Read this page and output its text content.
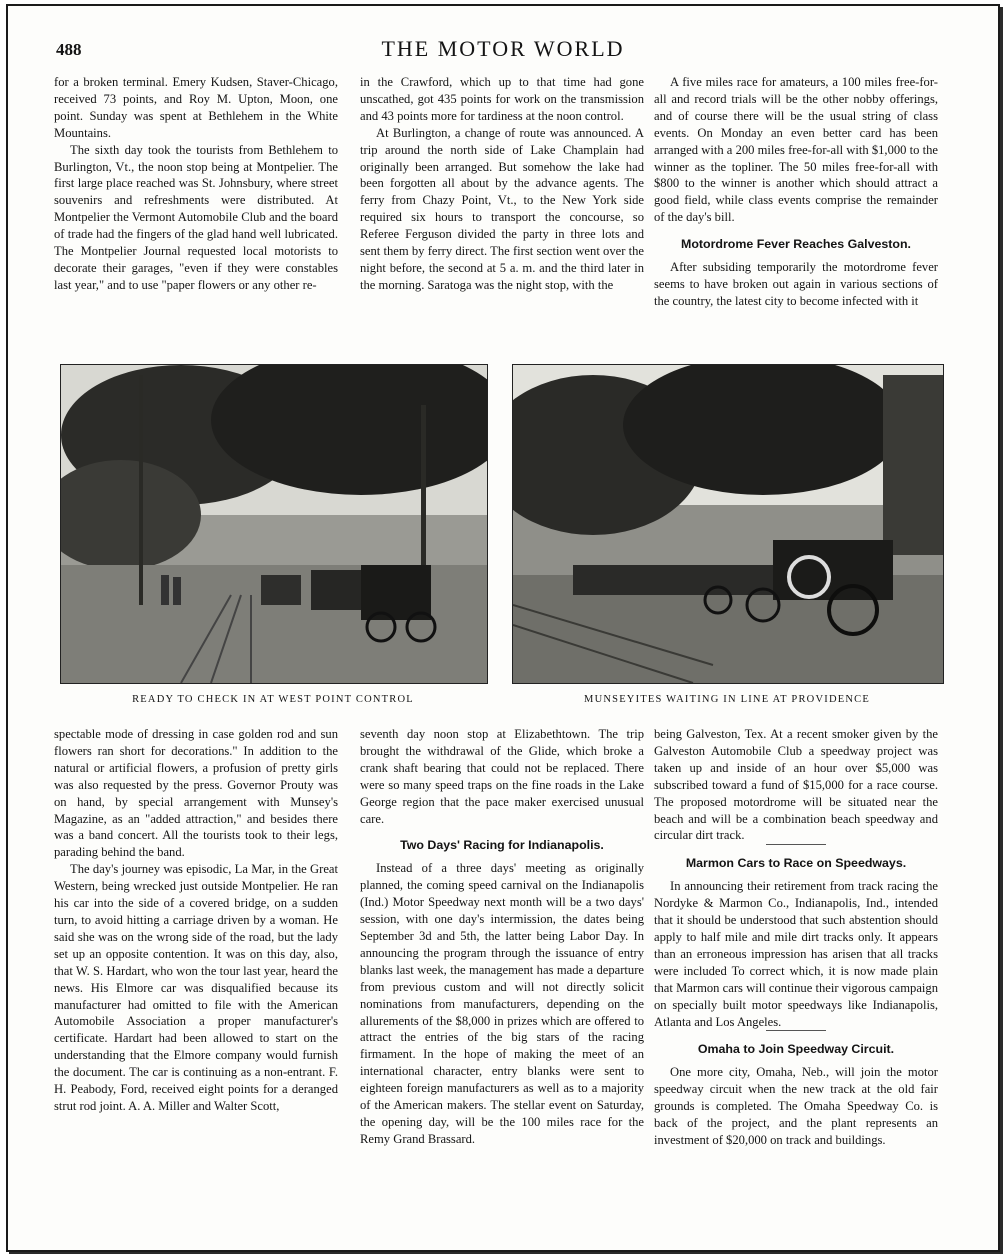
488	THE MOTOR WORLD

for a broken terminal. Emery Kudsen, Staver-Chicago, received 73 points, and Roy M. Upton, Moon, one point. Sunday was spent at Bethlehem in the White Mountains.

The sixth day took the tourists from Bethlehem to Burlington, Vt., the noon stop being at Montpelier. The first large place reached was St. Johnsbury, where street souvenirs and refreshments were distributed. At Montpelier the Vermont Automobile Club and the board of trade had the fingers of the glad hand well lubricated. The Montpelier Journal requested local motorists to decorate their garages, "even if they were constables last year," and to use "paper flowers or any other re-

in the Crawford, which up to that time had gone unscathed, got 435 points for work on the transmission and 43 points more for tardiness at the noon control.

At Burlington, a change of route was announced. A trip around the north side of Lake Champlain had originally been arranged. But somehow the lake had been forgotten all about by the advance agents. The ferry from Chazy Point, Vt., to the New York side required six hours to transport the concourse, so Referee Ferguson divided the party in three lots and sent them by ferry direct. The first section went over the night before, the second at 5 a. m. and the third later in the morning. Saratoga was the night stop, with the

A five miles race for amateurs, a 100 miles free-for-all and record trials will be the other nobby offerings, and of course there will be the usual string of class events. On Monday an even better card has been arranged with a 200 miles free-for-all with $1,000 to the winner as the topliner. The 50 miles free-for-all with $800 to the winner is another which should attract a good field, while class events comprise the remainder of the day's bill.

Motordrome Fever Reaches Galveston.

After subsiding temporarily the motordrome fever seems to have broken out again in various sections of the country, the latest city to become infected with it

READY TO CHECK IN AT WEST POINT CONTROL	MUNSEYITES WAITING IN LINE AT PROVIDENCE

spectable mode of dressing in case golden rod and sun flowers ran short for decorations." In addition to the natural or artificial flowers, a profusion of pretty girls was also requested by the press. Governor Prouty was on hand, by special arrangement with Munsey's Magazine, as an "added attraction," and besides there was a band concert. All the tourists took to their legs, parading behind the band.

The day's journey was episodic, La Mar, in the Great Western, being wrecked just outside Montpelier. He ran his car into the side of a covered bridge, on a sudden turn, to avoid hitting a carriage driven by a woman. He said she was on the wrong side of the road, but the lady set up an opposite contention. It was on this day, also, that W. S. Hardart, who won the tour last year, heard the news. His Elmore car was disqualified because its manufacturer had omitted to file with the American Automobile Association a proper manufacturer's certificate. Hardart had been allowed to start on the understanding that the Elmore company would furnish the document. The car is continuing as a non-entrant. F. H. Peabody, Ford, received eight points for a deranged strut rod joint. A. A. Miller and Walter Scott,

seventh day noon stop at Elizabethtown. The trip brought the withdrawal of the Glide, which broke a crank shaft bearing that could not be replaced. There were so many speed traps on the fine roads in the Lake George region that the pace maker exercised unusual care.

Two Days' Racing for Indianapolis.

Instead of a three days' meeting as originally planned, the coming speed carnival on the Indianapolis (Ind.) Motor Speedway next month will be a two days' session, with one day's intermission, the dates being September 3d and 5th, the latter being Labor Day. In announcing the program through the issuance of entry blanks last week, the management has made a departure from previous custom and will not directly solicit nominations from manufacturers, depending on the allurements of the $8,000 in prizes which are offered to attract the entries of the big stars of the racing firmament. In the hope of making the meet of an international character, entry blanks were sent to eighteen foreign manufacturers as well as to a majority of the American makers. The stellar event on Saturday, the opening day, will be the 100 miles race for the Remy Grand Brassard.

being Galveston, Tex. At a recent smoker given by the Galveston Automobile Club a speedway project was taken up and inside of an hour over $5,000 was subscribed toward a fund of $15,000 for a race course. The proposed motordrome will be situated near the beach and will be a combination beach speedway and circular dirt track.

Marmon Cars to Race on Speedways.

In announcing their retirement from track racing the Nordyke & Marmon Co., Indianapolis, Ind., intended that it should be understood that such abstention should apply to half mile and mile dirt tracks only. It appears than an erroneous impression has arisen that all tracks were included To correct which, it is now made plain that Marmon cars will continue their vigorous campaign on specially built motor speedways like Indianapolis, Atlanta and Los Angeles.

Omaha to Join Speedway Circuit.

One more city, Omaha, Neb., will join the motor speedway circuit when the new track at the old fair grounds is completed. The Omaha Speedway Co. is back of the project, and the plant represents an investment of $20,000 on track and buildings.
